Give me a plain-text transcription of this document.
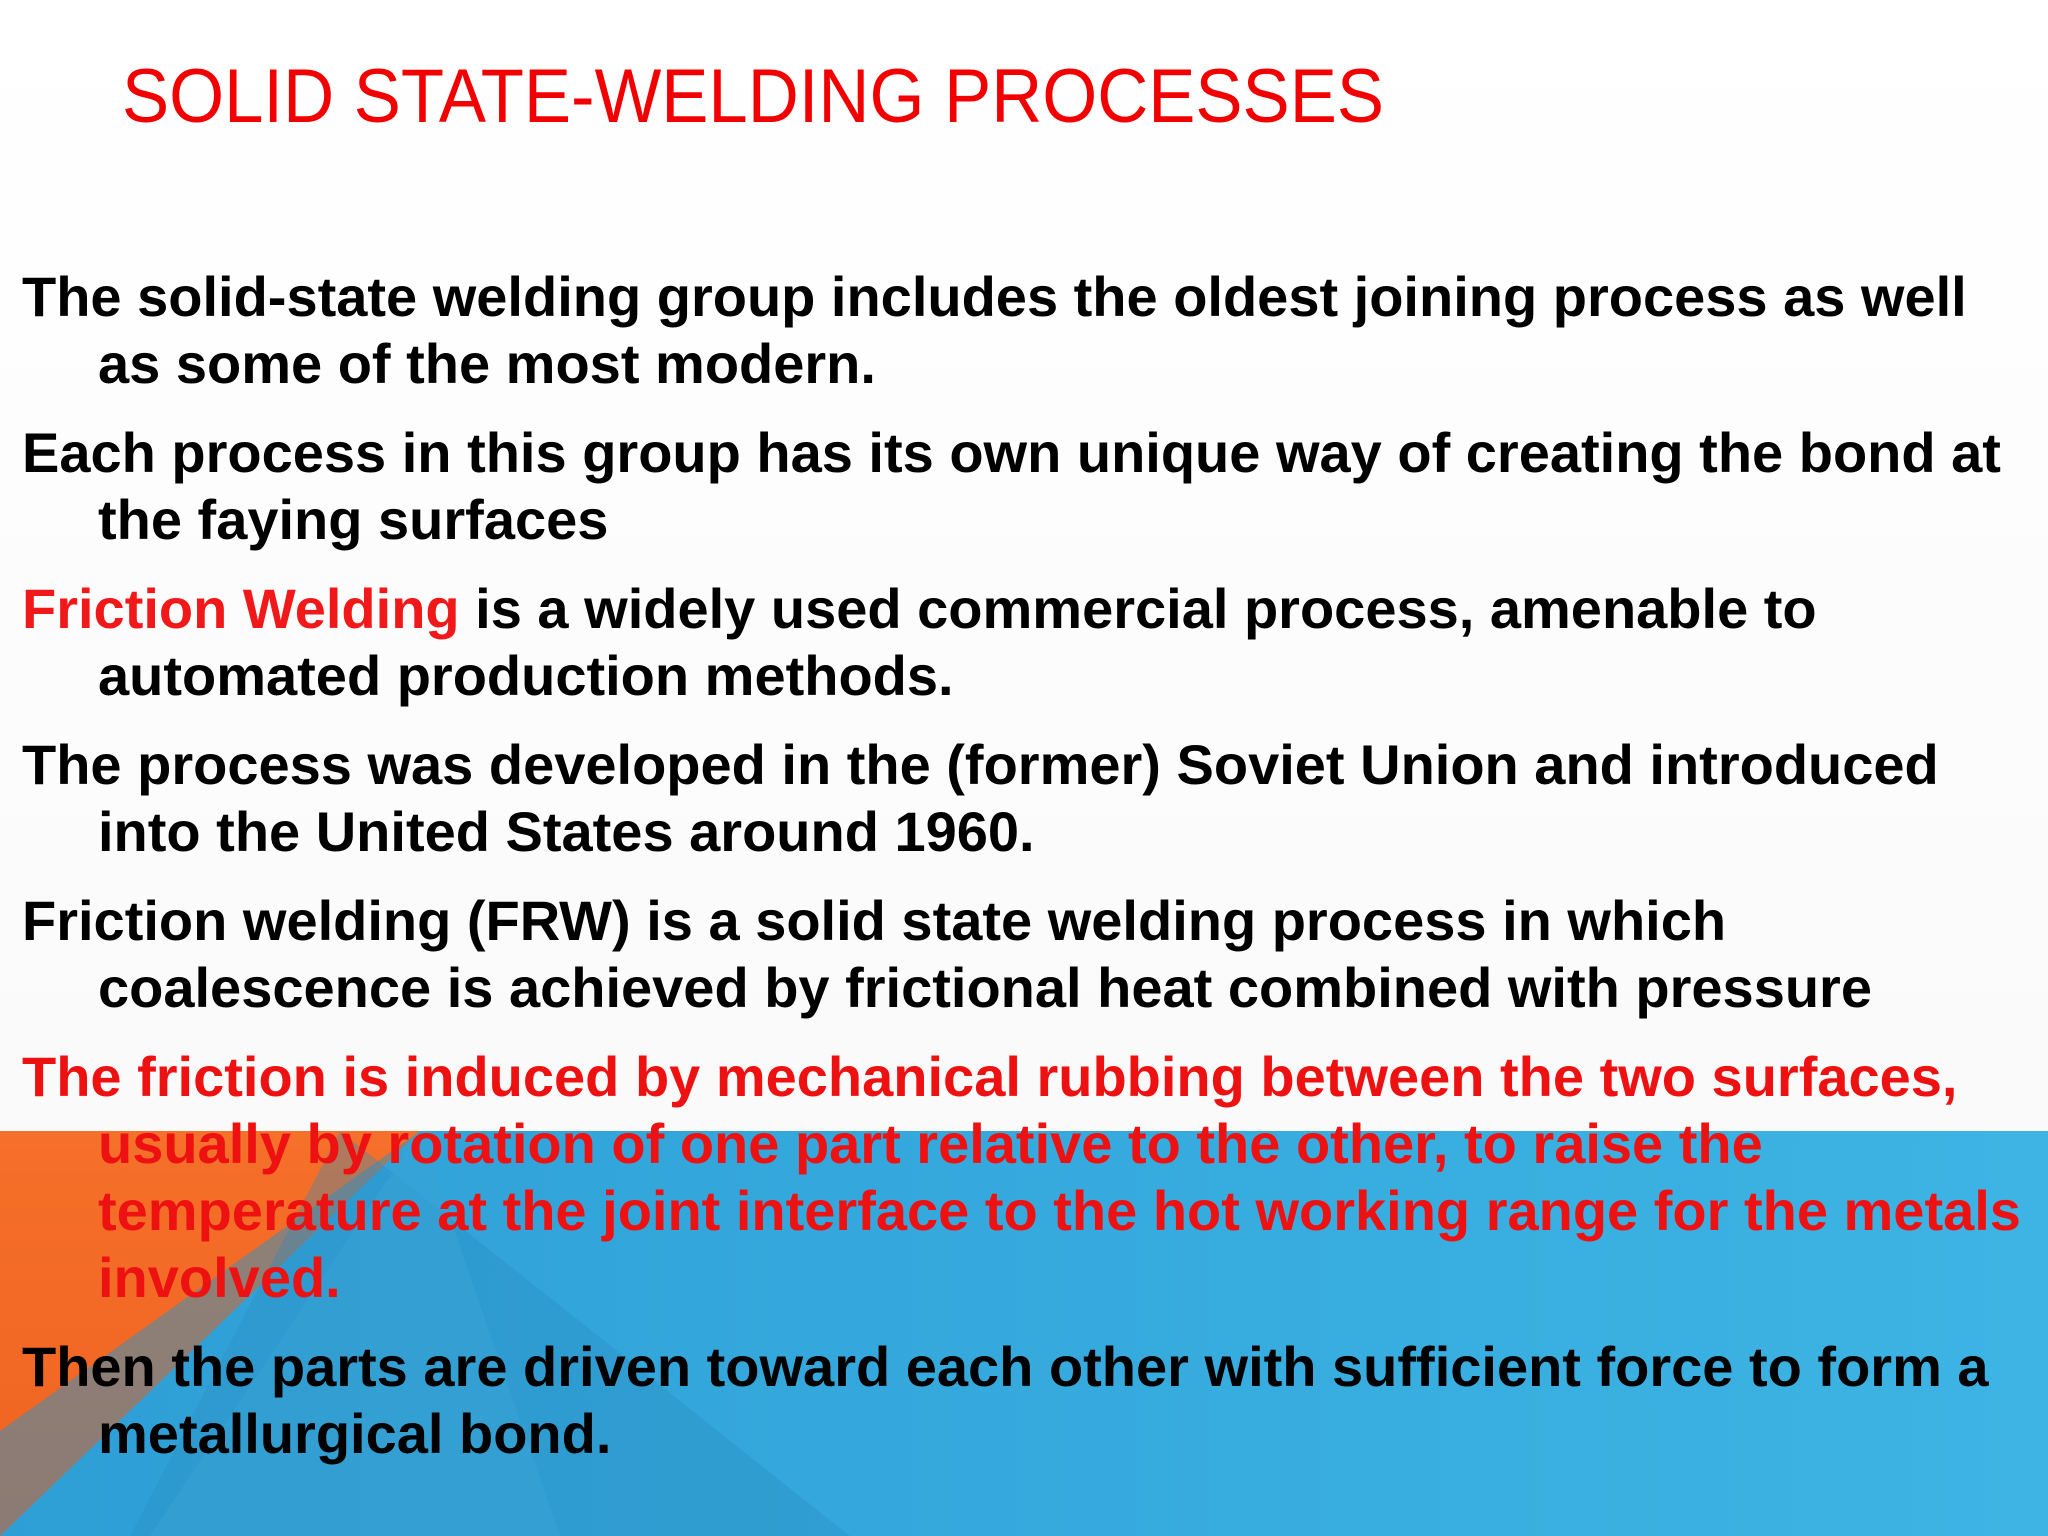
SOLID STATE-WELDING PROCESSES

The solid-state welding group includes the oldest joining process as well as some of the most modern.

Each process in this group has its own unique way of creating the bond at the faying surfaces

Friction Welding is a widely used commercial process, amenable to automated production methods.

The process was developed in the (former) Soviet Union and introduced into the United States around 1960.

Friction welding (FRW) is a solid state welding process in which coalescence is achieved by frictional heat combined with pressure

The friction is induced by mechanical rubbing between the two surfaces, usually by rotation of one part relative to the other, to raise the temperature at the joint interface to the hot working range for the metals involved.

Then the parts are driven toward each other with sufficient force to form a metallurgical bond.
